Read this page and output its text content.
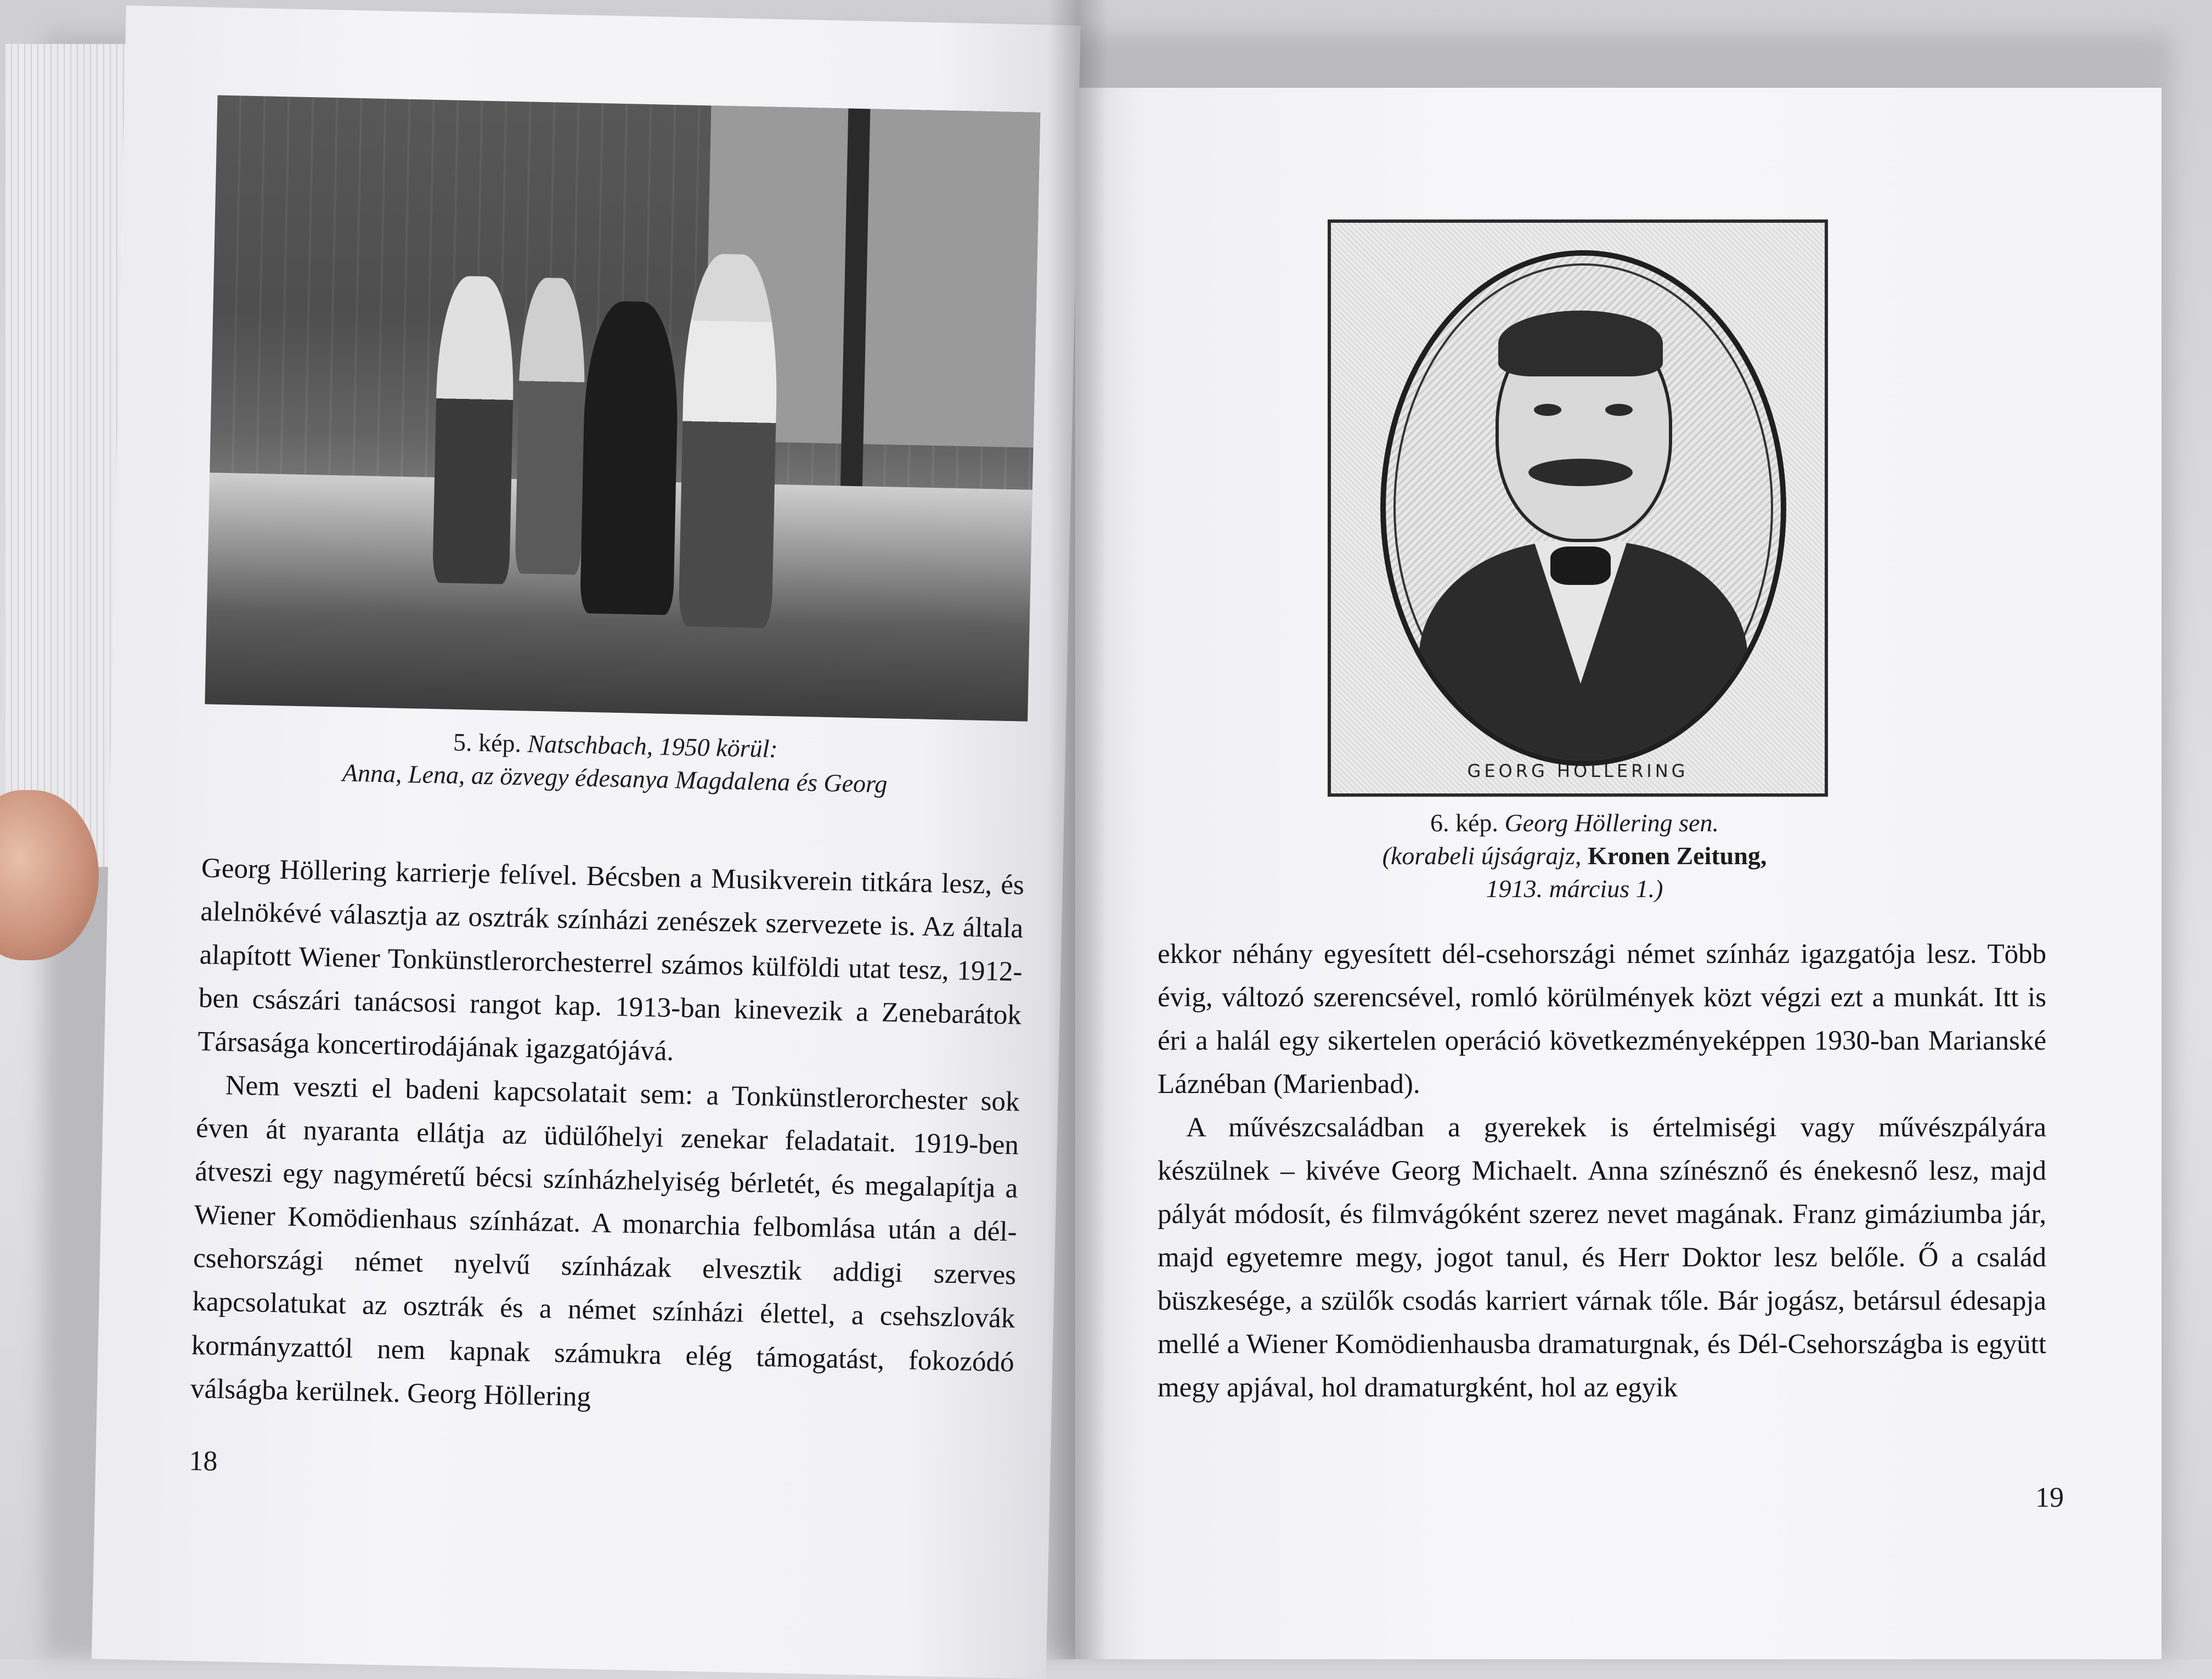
5. kép. Natschbach, 1950 körül:
Anna, Lena, az özvegy édesanya Magdalena és Georg

Georg Höllering karrierje felível. Bécsben a Musikverein titkára lesz, és alelnökévé választja az osztrák színházi zenészek szervezete is. Az általa alapított Wiener Tonkünstlerorchesterrel számos külföldi utat tesz, 1912-ben császári tanácsosi rangot kap. 1913-ban kinevezik a Zenebarátok Társasága koncertirodájának igazgatójává.

Nem veszti el badeni kapcsolatait sem: a Tonkünstlerorchester sok éven át nyaranta ellátja az üdülőhelyi zenekar feladatait. 1919-ben átveszi egy nagyméretű bécsi színházhelyiség bérletét, és megalapítja a Wiener Komödienhaus színházat. A monarchia felbomlása után a dél-csehországi német nyelvű színházak elvesztik addigi szerves kapcsolatukat az osztrák és a német színházi élettel, a csehszlovák kormányzattól nem kapnak számukra elég támogatást, fokozódó válságba kerülnek. Georg Höllering

18
GEORG HÖLLERING
6. kép. Georg Höllering sen.
(korabeli újságrajz, Kronen Zeitung,
1913. március 1.)

ekkor néhány egyesített dél-csehországi német színház igazgatója lesz. Több évig, változó szerencsével, romló körülmények közt végzi ezt a munkát. Itt is éri a halál egy sikertelen operáció következményeképpen 1930-ban Marianské Láznéban (Marienbad).

A művészcsaládban a gyerekek is értelmiségi vagy művészpályára készülnek – kivéve Georg Michaelt. Anna színésznő és énekesnő lesz, majd pályát módosít, és filmvágóként szerez nevet magának. Franz gimáziumba jár, majd egyetemre megy, jogot tanul, és Herr Doktor lesz belőle. Ő a család büszkesége, a szülők csodás karriert várnak tőle. Bár jogász, betársul édesapja mellé a Wiener Komödienhausba dramaturgnak, és Dél-Csehországba is együtt megy apjával, hol dramaturgként, hol az egyik

19
